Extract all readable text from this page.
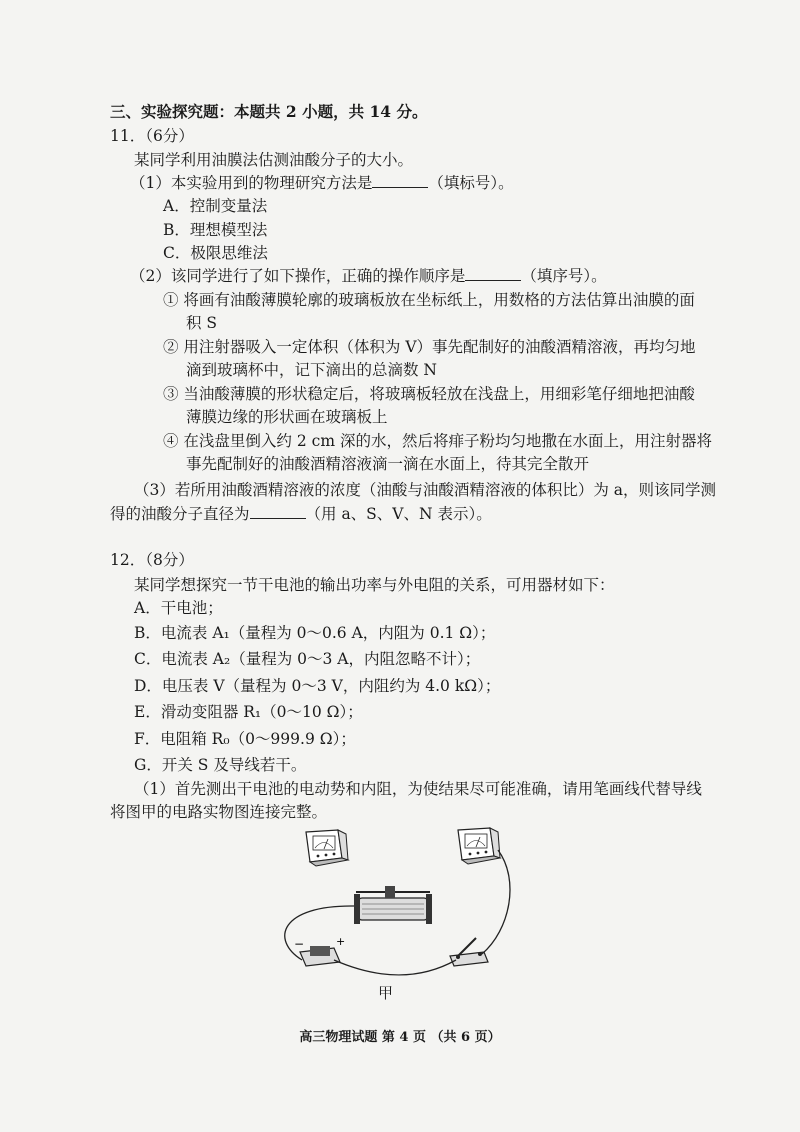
三、实验探究题：本题共 2 小题，共 14 分。
11．（6分）
某同学利用油膜法估测油酸分子的大小。
（1）本实验用到的物理研究方法是	（填标号）。
A．控制变量法
B．理想模型法
C．极限思维法
（2）该同学进行了如下操作，正确的操作顺序是	（填序号）。
① 将画有油酸薄膜轮廓的玻璃板放在坐标纸上，用数格的方法估算出油膜的面
积 S
② 用注射器吸入一定体积（体积为 V）事先配制好的油酸酒精溶液，再均匀地
滴到玻璃杯中，记下滴出的总滴数 N
③ 当油酸薄膜的形状稳定后，将玻璃板轻放在浅盘上，用细彩笔仔细地把油酸
薄膜边缘的形状画在玻璃板上
④ 在浅盘里倒入约 2 cm 深的水，然后将痱子粉均匀地撒在水面上，用注射器将
事先配制好的油酸酒精溶液滴一滴在水面上，待其完全散开
（3）若所用油酸酒精溶液的浓度（油酸与油酸酒精溶液的体积比）为 a，则该同学测
得的油酸分子直径为	（用 a、S、V、N 表示）。
12．（8分）
某同学想探究一节干电池的输出功率与外电阻的关系，可用器材如下：
A．干电池；
B．电流表 A₁（量程为 0～0.6 A，内阻为 0.1 Ω）；
C．电流表 A₂（量程为 0～3 A，内阻忽略不计）；
D．电压表 V（量程为 0～3 V，内阻约为 4.0 kΩ）；
E．滑动变阻器 R₁（0～10 Ω）；
F．电阻箱 R₀（0～999.9 Ω）；
G．开关 S 及导线若干。
（1）首先测出干电池的电动势和内阻，为使结果尽可能准确，请用笔画线代替导线
将图甲的电路实物图连接完整。
−	+
甲
高三物理试题 第 4 页 （共 6 页）
